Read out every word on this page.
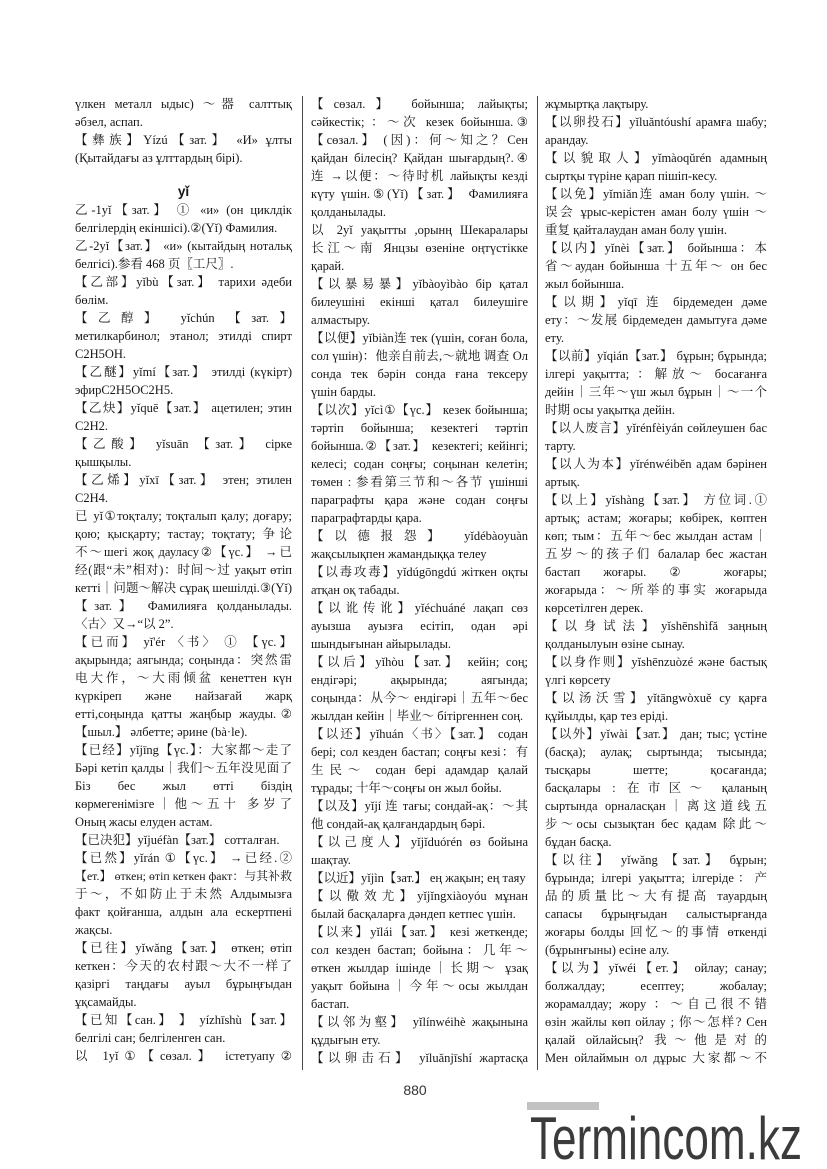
үлкен металл ыдыс) ～器 салттық
әбзел, аспап.
【彝族】Yízú【зат.】 «И» ұлты
(Қытайдағы аз ұлттардың бірі).
yǐ
乙-1yǐ【зат.】 ① «и» (он циклдік
белгілердің екіншісі).②(Yǐ) Фамилия.
乙-2yǐ【зат.】 «и» (кытайдың нотальқ
белгісі).参看 468 页〖工尺〗.
【乙部】yǐbù【зат.】 тарихи әдеби
бөлім.
【乙醇】 yǐchún 【зат.】
метилкарбинол; этанол; этилді спирт
C2H5OH.
【乙醚】yǐmí【зат.】 этилді (күкірт)
эфирC2H5OC2H5.
【乙炔】yǐquē【зат.】 ацетилен; этин
C2H2.
【乙酸】 yǐsuān 【зат.】 сірке
қышқылы.
【乙烯】yǐxī【зат.】 этен; этилен
C2H4.
已 yǐ①тоқталу; тоқталып қалу; доғару;
қою; қысқарту; тастау; тоқтату; 争论
不～шегі жоқ дауласу②【үс.】 →已
经(跟“未”相对)：时间～过 уақыт өтіп
кетті｜问题～解决 сұрақ шешілді.③(Yǐ)
【зат.】 Фамилияға қолданылады.
〈古〉又→“以 2”.
【已而】 yǐ'ér 〈书〉 ① 【үс.】
ақырында; аягында; соңында：突然雷
电大作，～大雨倾盆 кенеттен күн
күркіреп және найзағай жарқ
етті,соңында қатты жаңбыр жауды.②
【шыл.】 әлбетте; әрине (bà·le).
【已经】yǐjīng【үс.】：大家都～走了
Бәрі кетіп қалды｜我们～五年没见面了
Біз бес жыл өтті біздің
көрмегенімізге｜他～五十 多岁了
Оның жасы елуден астам.
【已决犯】yǐjuéfàn【зат.】 сотталған.
【已然】yǐrán ①【үс.】 →已经.②
【ет.】 өткен; өтіп кеткен факт：与其补救
于～，不如防止于未然 Алдымызға
факт қойғанша, алдын ала ескертпені
жақсы.
【已往】yǐwǎng【зат.】 өткен; өтіп
кеткен：今天的农村跟～大不一样了
қазіргі таңдағы ауыл бұрыңғыдан
ұқсамайды.
【已知【сан.】 】 yízhīshù【зат.】
белгілі сан; белгіленген сан.
以 1yǐ①【сөзал.】 істетуапу②
【сөзал.】 бойынша; лайықты;
сәйкестік; ：～次 кезек бойынша.③
【сөзал.】 (因)：何～知之？Сен
қайдан білесің? Қайдан шығардың?.④
连 →以便：～待时机 лайықты кезді
күту үшін.⑤(Yǐ)【зат.】 Фамилияға
қолданылады.
以 2yǐ уақытты ,орынң Шекаралары
长江～南 Янцзы өзеніне оңтүстікке
қарай.
【以暴易暴】yǐbàoyìbào бір қатал
билеушіні екінші қатал билеушіге
алмастыру.
【以便】yǐbiàn连 тек (үшін, соған бола,
сол үшін)：他亲自前去,～就地 调查 Ол
сонда тек бәрін сонда ғана тексеру
үшін барды.
【以次】yǐcì①【үс.】 кезек бойынша;
тәртіп бойынша; кезектегі тәртіп
бойынша.②【зат.】 кезектегі; кейінгі;
келесі; содан соңғы; соңынан келетін;
төмен : 参看第三节和～各节 үшінші
параграфты қара және содан соңғы
параграфтарды қара.
【以德报怨】 yǐdébàoyuàn
жақсылықпен жамандыққа телеу
【以毒攻毒】yǐdúgōngdú жіткен оқты
атқан оқ табады.
【以讹传讹】yǐéchuáné лақап сөз
ауызша ауызға есітіп, одан әрі
шындығынан айырылады.
【以后】yǐhòu【зат.】 кейін; соң;
ендігәрі; ақырында; аягында;
соңында：从今～ ендігәрі｜五年～бес
жылдан кейін｜毕业～ бітіргеннен соң.
【以还】yǐhuán〈书〉【зат.】 содан
бері; сол кезден бастап; соңғы кезі：有
生民～ содан бері адамдар қалай
тұрады; 十年～соңғы он жыл бойы.
【以及】yǐjí 连 тағы; сондай-ақ：～其
他 сондай-ақ қалғандардың бәрі.
【以己度人】yǐjǐduórén өз бойына
шақтау.
【以近】yǐjìn【зат.】 ең жақын; ең таяу
【以儆效尤】yǐjǐngxiàoyóu мұнан
былай басқаларға дәндеп кетпес үшін.
【以来】yǐlái【зат.】 кезі жеткенде;
сол кезден бастап; бойына：几年～
өткен жылдар ішінде｜长期～ ұзақ
уақыт бойына｜今年～осы жылдан
бастап.
【以邻为壑】 yǐlínwéihè жақынына
құдығын ету.
【以卵击石】 yǐluǎnjīshí жартасқа
жұмыртқа лақтыру.
【以卵投石】yǐluǎntóushí арамға шабу;
арандау.
【以貌取人】yǐmàoqǔrén адамның
сыртқы түріне қарап пішіп-кесу.
【以免】yǐmiǎn连 аман болу үшін. ～
误会 ұрыс-керістен аман болу үшін ～
重复 қайталаудан аман болу үшін.
【以内】yǐnèi【зат.】 бойынша：本
省～аудан бойынша 十五年～ он бес
жыл бойынша.
【以期】yǐqī 连 бірдемеден дәме
ету：～发展 бірдемеден дамытуға дәме
ету.
【以前】yǐqián【зат.】 бұрын; бұрында;
ілгері уақытта; ：解放～ босағанға
дейін｜三年～үш жыл бұрын｜～一个
时期 осы уақытқа дейін.
【以人废言】yǐrénfèiyán сөйлеушен бас
тарту.
【以人为本】yǐrénwéiběn адам бәрінен
артық.
【以上】yǐshàng【зат.】 方位词.①
артық; астам; жоғары; көбірек, көптен
көп; тым：五年～бес жылдан астам｜
五岁～的孩子们 балалар бес жастан
бастап жоғары. ② жоғары;
жоғарыда：～所举的事实 жоғарыда
көрсетілген дерек.
【以身试法】yǐshēnshìfǎ заңның
қолданылуын өзіне сынау.
【以身作则】yǐshēnzuòzé және бастық
үлгі көрсету
【以汤沃雪】yǐtāngwòxuě су қарға
құйылды, қар тез еріді.
【以外】yǐwài【зат.】 дан; тыс; үстіне
(басқа); аулақ; сыртында; тысында;
тысқары шетте; қосағанда;
басқалары : 在市区～ қаланың
сыртында орналасқан｜离这道线五
步～осы сызықтан бес қадам 除此～
бұдан басқа.
【以往】 yǐwǎng 【зат.】 бұрын;
бұрында; ілгері уақытта; ілгеріде：产
品的质量比～大有提高 тауардың
сапасы бұрыңғыдан салыстырғанда
жоғары болды 回忆～的事情 өткенді
(бұрынғыны) есіне алу.
【以为】yǐwéi【ет.】 ойлау; санау;
болжалдау; есептеу; жобалау;
жорамалдау; жору ：～自己很不错
өзін жайлы көп ойлау ; 你～怎样? Сен
қалай ойлайсың? 我～他是对的
Мен ойлаймын ол дұрыс 大家都～不
880
Termincom.kz
